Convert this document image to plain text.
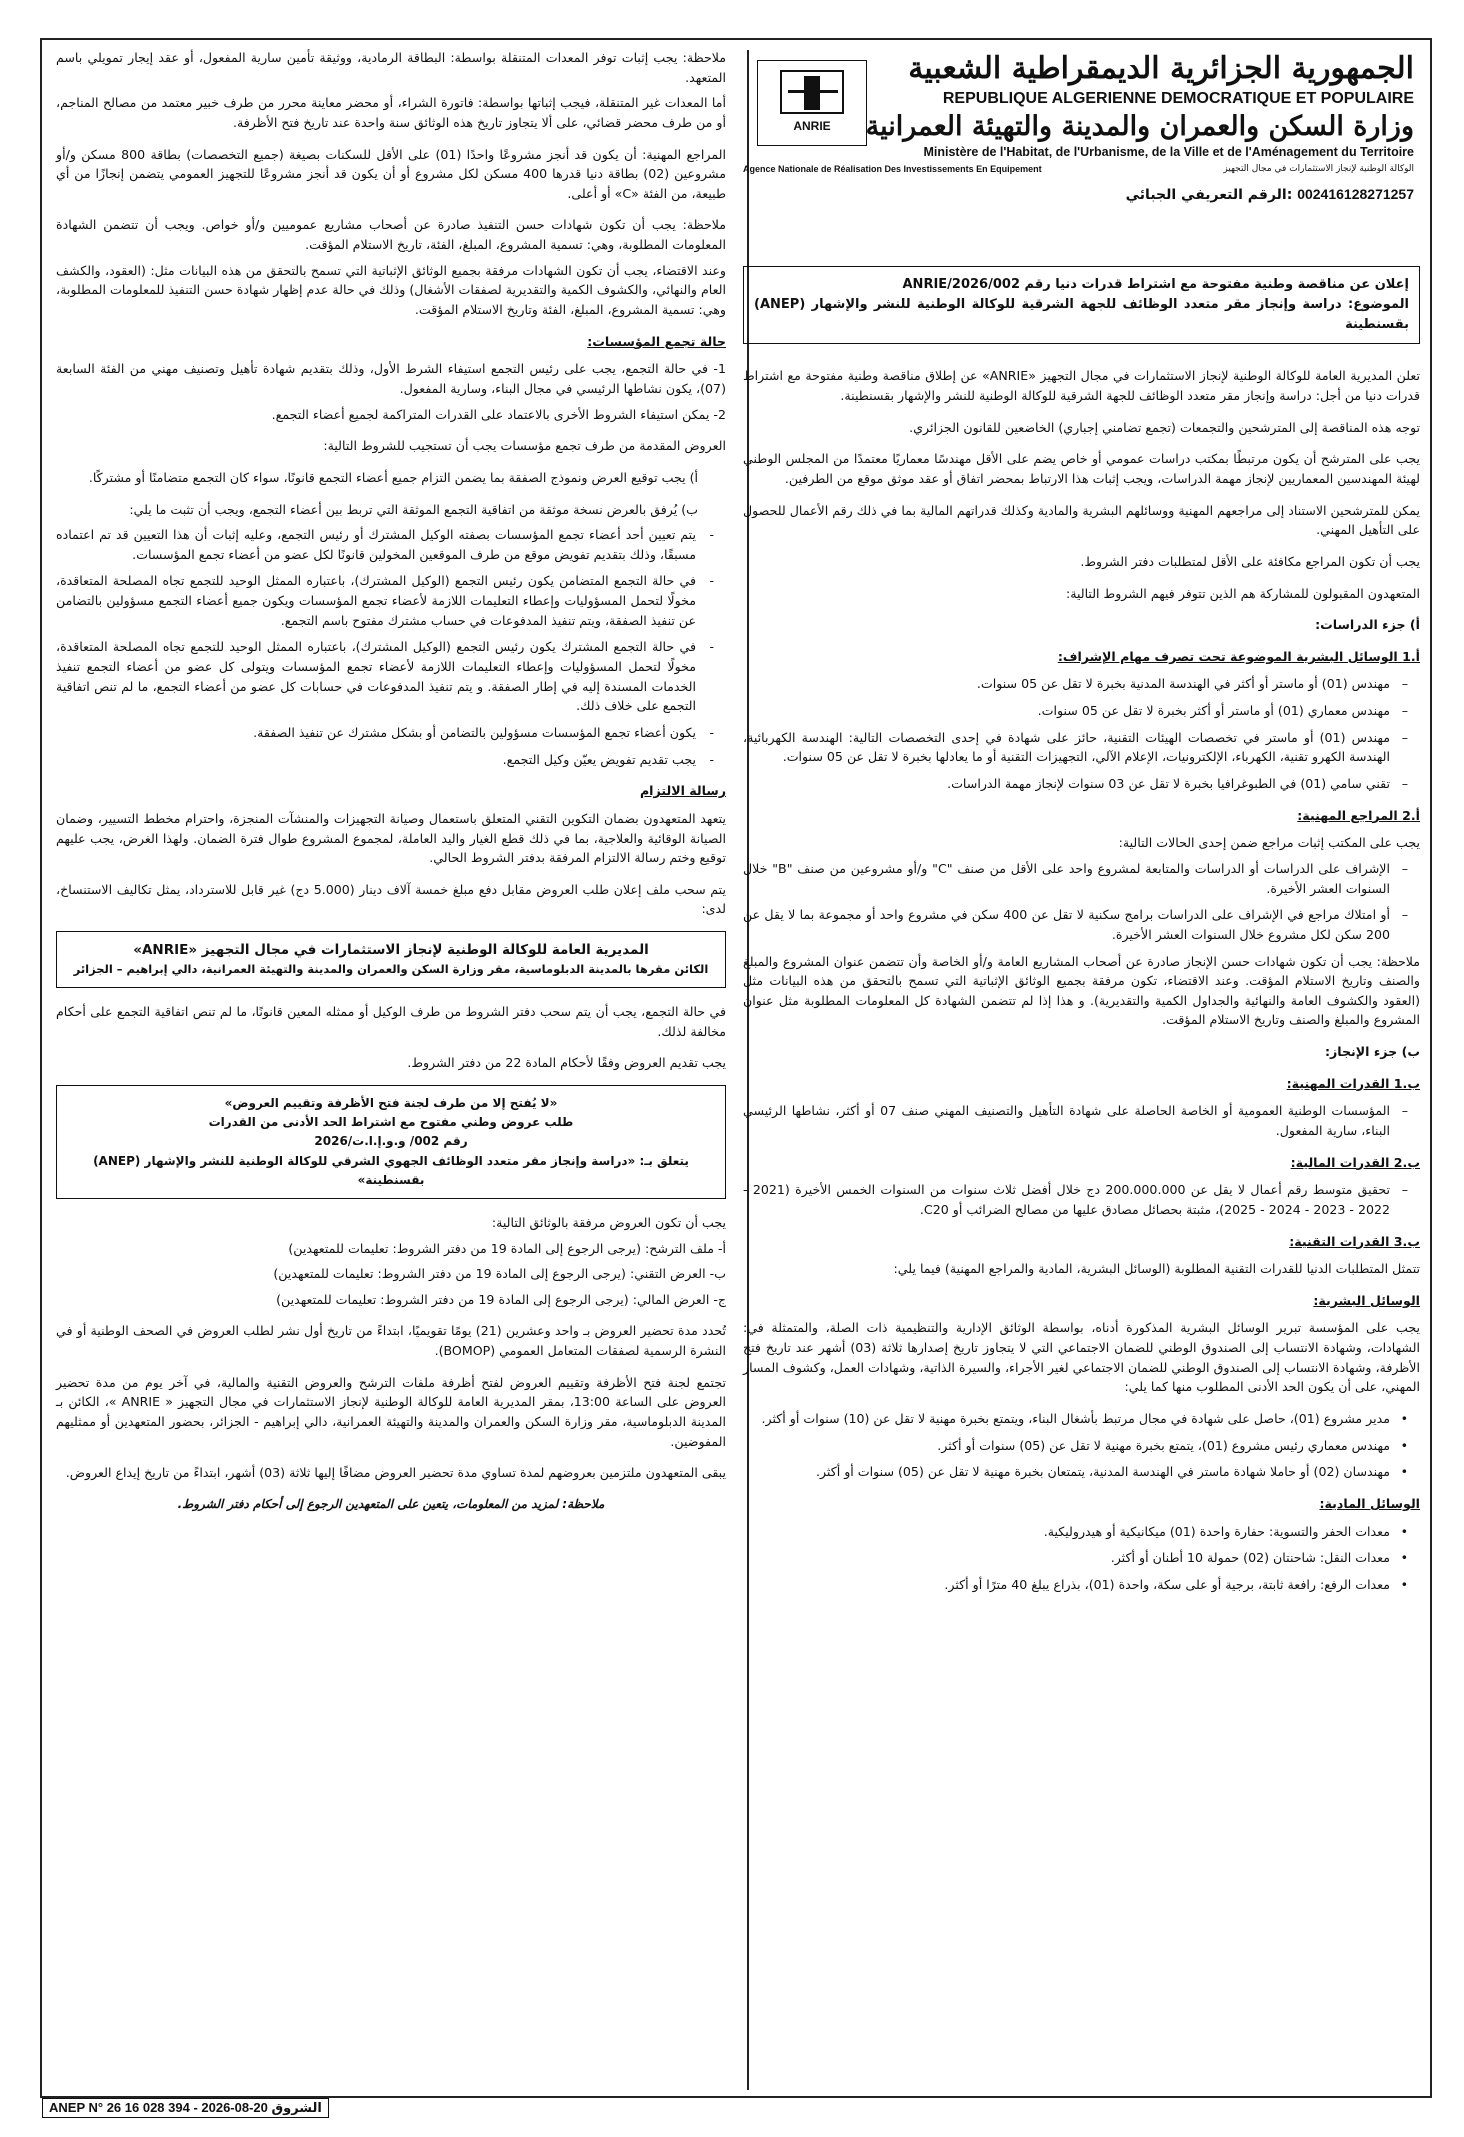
ANRIE
الجمهورية الجزائرية الديمقراطية الشعبية
REPUBLIQUE ALGERIENNE DEMOCRATIQUE ET POPULAIRE
وزارة السكن والعمران والمدينة والتهيئة العمرانية
Ministère de l'Habitat, de l'Urbanisme, de la Ville et de l'Aménagement du Territoire
الوكالة الوطنية لإنجاز الاستثمارات في مجال التجهيز
Agence Nationale de Réalisation Des Investissements En Equipement
الرقم التعريفي الجبائي: 002416128271257
إعلان عن مناقصة وطنية مفتوحة مع اشتراط قدرات دنيا رقم 002/ANRIE/2026
الموضوع: دراسة وإنجاز مقر متعدد الوظائف للجهة الشرقية للوكالة الوطنية للنشر والإشهار (ANEP) بقسنطينة

تعلن المديرية العامة للوكالة الوطنية لإنجاز الاستثمارات في مجال التجهيز «ANRIE» عن إطلاق مناقصة وطنية مفتوحة مع اشتراط قدرات دنيا من أجل: دراسة وإنجاز مقر متعدد الوظائف للجهة الشرقية للوكالة الوطنية للنشر والإشهار بقسنطينة.

توجه هذه المناقصة إلى المترشحين والتجمعات (تجمع تضامني إجباري) الخاضعين للقانون الجزائري.

يجب على المترشح أن يكون مرتبطًا بمكتب دراسات عمومي أو خاص يضم على الأقل مهندسًا معماريًا معتمدًا من المجلس الوطني لهيئة المهندسين المعماريين لإنجاز مهمة الدراسات، ويجب إثبات هذا الارتباط بمحضر اتفاق أو عقد موثق موقع من الطرفين.

يمكن للمترشحين الاستناد إلى مراجعهم المهنية ووسائلهم البشرية والمادية وكذلك قدراتهم المالية بما في ذلك رقم الأعمال للحصول على التأهيل المهني.

يجب أن تكون المراجع مكافئة على الأقل لمتطلبات دفتر الشروط.

المتعهدون المقبولون للمشاركة هم الذين تتوفر فيهم الشروط التالية:

أ) جزء الدراسات:
أ.1 الوسائل البشرية الموضوعة تحت تصرف مهام الإشراف:
– مهندس (01) أو ماستر أو أكثر في الهندسة المدنية بخبرة لا تقل عن 05 سنوات.
– مهندس معماري (01) أو ماستر أو أكثر بخبرة لا تقل عن 05 سنوات.
– مهندس (01) أو ماستر في تخصصات الهيئات التقنية، حائز على شهادة في إحدى التخصصات التالية: الهندسة الكهربائية، الهندسة الكهرو تقنية، الكهرباء، الإلكترونيات، الإعلام الآلي، التجهيزات التقنية أو ما يعادلها بخبرة لا تقل عن 05 سنوات.
– تقني سامي (01) في الطبوغرافيا بخبرة لا تقل عن 03 سنوات لإنجاز مهمة الدراسات.
أ.2 المراجع المهنية:

يجب على المكتب إثبات مراجع ضمن إحدى الحالات التالية:

– الإشراف على الدراسات أو الدراسات والمتابعة لمشروع واحد على الأقل من صنف "C" و/أو مشروعين من صنف "B" خلال السنوات العشر الأخيرة.
– أو امتلاك مراجع في الإشراف على الدراسات برامج سكنية لا تقل عن 400 سكن في مشروع واحد أو مجموعة بما لا يقل عن 200 سكن لكل مشروع خلال السنوات العشر الأخيرة.

ملاحظة: يجب أن تكون شهادات حسن الإنجاز صادرة عن أصحاب المشاريع العامة و/أو الخاصة وأن تتضمن عنوان المشروع والمبلغ والصنف وتاريخ الاستلام المؤقت. وعند الاقتضاء، تكون مرفقة بجميع الوثائق الإثباتية التي تسمح بالتحقق من هذه البيانات مثل (العقود والكشوف العامة والنهائية والجداول الكمية والتقديرية). و هذا إذا لم تتضمن الشهادة كل المعلومات المطلوبة مثل عنوان المشروع والمبلغ والصنف وتاريخ الاستلام المؤقت.

ب) جزء الإنجاز:
ب.1 القدرات المهنية:
– المؤسسات الوطنية العمومية أو الخاصة الحاصلة على شهادة التأهيل والتصنيف المهني صنف 07 أو أكثر، نشاطها الرئيسي البناء، سارية المفعول.
ب.2 القدرات المالية:
– تحقيق متوسط رقم أعمال لا يقل عن 200.000.000 دج خلال أفضل ثلاث سنوات من السنوات الخمس الأخيرة (2021 - 2022 - 2023 - 2024 - 2025)، مثبتة بحصائل مصادق عليها من مصالح الضرائب أو C20.
ب.3 القدرات التقنية:

تتمثل المتطلبات الدنيا للقدرات التقنية المطلوبة (الوسائل البشرية، المادية والمراجع المهنية) فيما يلي:

الوسائل البشرية:

يجب على المؤسسة تبرير الوسائل البشرية المذكورة أدناه، بواسطة الوثائق الإدارية والتنظيمية ذات الصلة، والمتمثلة في: الشهادات، وشهادة الانتساب إلى الصندوق الوطني للضمان الاجتماعي التي لا يتجاوز تاريخ إصدارها ثلاثة (03) أشهر عند تاريخ فتح الأظرفة، وشهادة الانتساب إلى الصندوق الوطني للضمان الاجتماعي لغير الأجراء، والسيرة الذاتية، وشهادات العمل، وكشوف المسار المهني، على أن يكون الحد الأدنى المطلوب منها كما يلي:

• مدير مشروع (01)، حاصل على شهادة في مجال مرتبط بأشغال البناء، ويتمتع بخبرة مهنية لا تقل عن (10) سنوات أو أكثر.
• مهندس معماري رئيس مشروع (01)، يتمتع بخبرة مهنية لا تقل عن (05) سنوات أو أكثر.
• مهندسان (02) أو حاملا شهادة ماستر في الهندسة المدنية، يتمتعان بخبرة مهنية لا تقل عن (05) سنوات أو أكثر.
الوسائل المادية:
• معدات الحفر والتسوية: حفارة واحدة (01) ميكانيكية أو هيدروليكية.
• معدات النقل: شاحنتان (02) حمولة 10 أطنان أو أكثر.
• معدات الرفع: رافعة ثابتة، برجية أو على سكة، واحدة (01)، بذراع يبلغ 40 مترًا أو أكثر.

ملاحظة: يجب إثبات توفر المعدات المتنقلة بواسطة: البطاقة الرمادية، ووثيقة تأمين سارية المفعول، أو عقد إيجار تمويلي باسم المتعهد.

أما المعدات غير المتنقلة، فيجب إثباتها بواسطة: فاتورة الشراء، أو محضر معاينة محرر من طرف خبير معتمد من مصالح المناجم، أو من طرف محضر قضائي، على ألا يتجاوز تاريخ هذه الوثائق سنة واحدة عند تاريخ فتح الأظرفة.

المراجع المهنية: أن يكون قد أنجز مشروعًا واحدًا (01) على الأقل للسكنات بصيغة (جميع التخصصات) بطاقة 800 مسكن و/أو مشروعين (02) بطاقة دنيا قدرها 400 مسكن لكل مشروع أو أن يكون قد أنجز مشروعًا للتجهيز العمومي يتضمن إنجازًا من أي طبيعة، من الفئة «C» أو أعلى.

ملاحظة: يجب أن تكون شهادات حسن التنفيذ صادرة عن أصحاب مشاريع عموميين و/أو خواص. ويجب أن تتضمن الشهادة المعلومات المطلوبة، وهي: تسمية المشروع، المبلغ، الفئة، تاريخ الاستلام المؤقت.

وعند الاقتضاء، يجب أن تكون الشهادات مرفقة بجميع الوثائق الإثباتية التي تسمح بالتحقق من هذه البيانات مثل: (العقود، والكشف العام والنهائي، والكشوف الكمية والتقديرية لصفقات الأشغال) وذلك في حالة عدم إظهار شهادة حسن التنفيذ للمعلومات المطلوبة، وهي: تسمية المشروع، المبلغ، الفئة وتاريخ الاستلام المؤقت.

حالة تجمع المؤسسات:

1- في حالة التجمع، يجب على رئيس التجمع استيفاء الشرط الأول، وذلك بتقديم شهادة تأهيل وتصنيف مهني من الفئة السابعة (07)، يكون نشاطها الرئيسي في مجال البناء، وسارية المفعول.

2- يمكن استيفاء الشروط الأخرى بالاعتماد على القدرات المتراكمة لجميع أعضاء التجمع.

العروض المقدمة من طرف تجمع مؤسسات يجب أن تستجيب للشروط التالية:

أ) يجب توقيع العرض ونموذج الصفقة بما يضمن التزام جميع أعضاء التجمع قانونًا، سواء كان التجمع متضامنًا أو مشتركًا.

ب) يُرفق بالعرض نسخة موثقة من اتفاقية التجمع الموثقة التي تربط بين أعضاء التجمع، ويجب أن تثبت ما يلي:

- يتم تعيين أحد أعضاء تجمع المؤسسات بصفته الوكيل المشترك أو رئيس التجمع، وعليه إثبات أن هذا التعيين قد تم اعتماده مسبقًا، وذلك بتقديم تفويض موقع من طرف الموقعين المخولين قانونًا لكل عضو من أعضاء تجمع المؤسسات.
- في حالة التجمع المتضامن يكون رئيس التجمع (الوكيل المشترك)، باعتباره الممثل الوحيد للتجمع تجاه المصلحة المتعاقدة، مخولًا لتحمل المسؤوليات وإعطاء التعليمات اللازمة لأعضاء تجمع المؤسسات ويكون جميع أعضاء التجمع مسؤولين بالتضامن عن تنفيذ الصفقة، ويتم تنفيذ المدفوعات في حساب مشترك مفتوح باسم التجمع.
- في حالة التجمع المشترك يكون رئيس التجمع (الوكيل المشترك)، باعتباره الممثل الوحيد للتجمع تجاه المصلحة المتعاقدة، مخولًا لتحمل المسؤوليات وإعطاء التعليمات اللازمة لأعضاء تجمع المؤسسات ويتولى كل عضو من أعضاء التجمع تنفيذ الخدمات المسندة إليه في إطار الصفقة. و يتم تنفيذ المدفوعات في حسابات كل عضو من أعضاء التجمع، ما لم تنص اتفاقية التجمع على خلاف ذلك.
- يكون أعضاء تجمع المؤسسات مسؤولين بالتضامن أو بشكل مشترك عن تنفيذ الصفقة.
- يجب تقديم تفويض يعيّن وكيل التجمع.
رسالة الالتزام

يتعهد المتعهدون بضمان التكوين التقني المتعلق باستعمال وصيانة التجهيزات والمنشآت المنجزة، واحترام مخطط التسيير، وضمان الصيانة الوقائية والعلاجية، بما في ذلك قطع الغيار واليد العاملة، لمجموع المشروع طوال فترة الضمان. ولهذا الغرض، يجب عليهم توقيع وختم رسالة الالتزام المرفقة بدفتر الشروط الحالي.

يتم سحب ملف إعلان طلب العروض مقابل دفع مبلغ خمسة آلاف دينار (5.000 دج) غير قابل للاسترداد، يمثل تكاليف الاستنساخ، لدى:

المديرية العامة للوكالة الوطنية لإنجاز الاستثمارات في مجال التجهيز «ANRIE»
الكائن مقرها بالمدينة الدبلوماسية، مقر وزارة السكن والعمران والمدينة والتهيئة العمرانية، دالي إبراهيم – الجزائر

في حالة التجمع، يجب أن يتم سحب دفتر الشروط من طرف الوكيل أو ممثله المعين قانونًا، ما لم تنص اتفاقية التجمع على أحكام مخالفة لذلك.

يجب تقديم العروض وفقًا لأحكام المادة 22 من دفتر الشروط.

«لا يُفتح إلا من طرف لجنة فتح الأظرفة وتقييم العروض»
طلب عروض وطني مفتوح مع اشتراط الحد الأدنى من القدرات
رقم 002/ و.و.إ.ا.ت/2026
يتعلق بـ: «دراسة وإنجاز مقر متعدد الوظائف الجهوي الشرقي للوكالة الوطنية للنشر والإشهار (ANEP) بقسنطينة»

يجب أن تكون العروض مرفقة بالوثائق التالية:

أ- ملف الترشح: (يرجى الرجوع إلى المادة 19 من دفتر الشروط: تعليمات للمتعهدين)

ب- العرض التقني: (يرجى الرجوع إلى المادة 19 من دفتر الشروط: تعليمات للمتعهدين)

ج- العرض المالي: (يرجى الرجوع إلى المادة 19 من دفتر الشروط: تعليمات للمتعهدين)

تُحدد مدة تحضير العروض بـ واحد وعشرين (21) يومًا تقويميًا، ابتداءً من تاريخ أول نشر لطلب العروض في الصحف الوطنية أو في النشرة الرسمية لصفقات المتعامل العمومي (BOMOP).

تجتمع لجنة فتح الأظرفة وتقييم العروض لفتح أظرفة ملفات الترشح والعروض التقنية والمالية، في آخر يوم من مدة تحضير العروض على الساعة 13:00، بمقر المديرية العامة للوكالة الوطنية لإنجاز الاستثمارات في مجال التجهيز « ANRIE »، الكائن بـ المدينة الدبلوماسية، مقر وزارة السكن والعمران والمدينة والتهيئة العمرانية، دالي إبراهيم - الجزائر، بحضور المتعهدين أو ممثليهم المفوضين.

يبقى المتعهدون ملتزمين بعروضهم لمدة تساوي مدة تحضير العروض مضافًا إليها ثلاثة (03) أشهر، ابتداءً من تاريخ إيداع العروض.

ملاحظة: لمزيد من المعلومات، يتعين على المتعهدين الرجوع إلى أحكام دفتر الشروط.
ANEP N° 26 16 028 394 - 2026-08-20 الشروق
